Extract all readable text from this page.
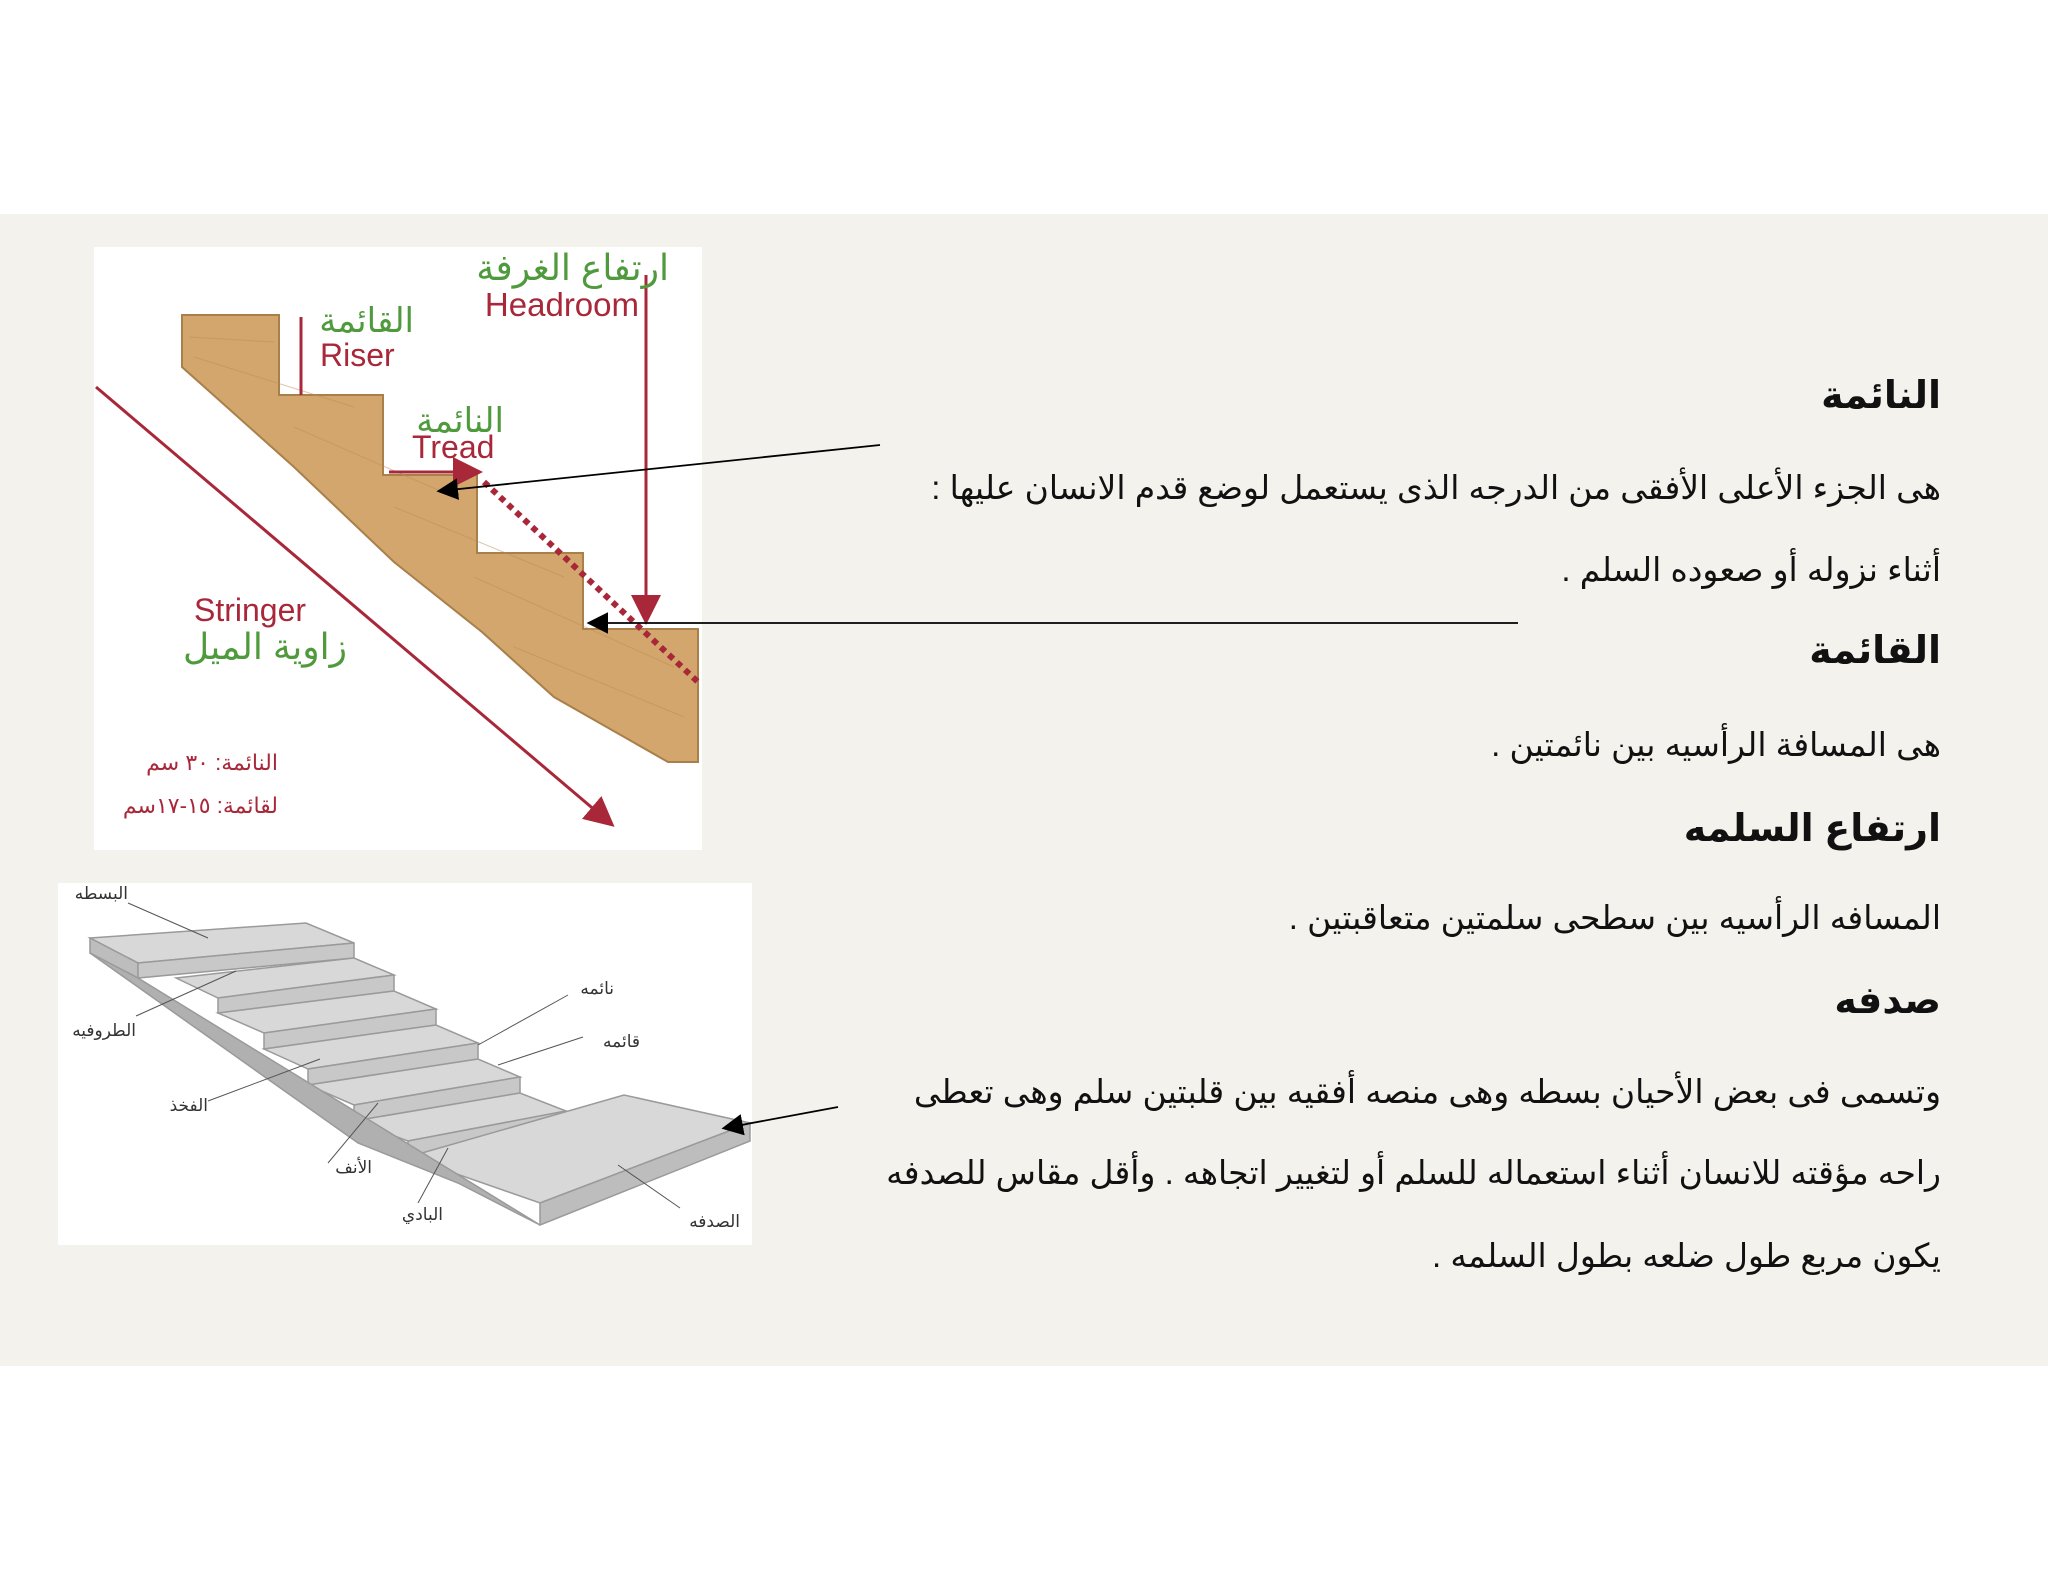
ارتفاع الغرفة
Headroom
القائمة
Riser
النائمة
Tread
Stringer
زاوية الميل
النائمة: ٣٠ سم
لقائمة: ١٥-١٧سم
البسطه
الطروفيه
الفخذ
الأنف
البادي
نائمه
قائمه
الصدفه
النائمة
هى الجزء الأعلى الأفقى من الدرجه الذى يستعمل لوضع قدم الانسان عليها :
أثناء نزوله أو صعوده السلم .
القائمة
هى المسافة الرأسيه بين نائمتين .
ارتفاع السلمه
المسافه الرأسيه بين سطحى سلمتين متعاقبتين .
صدفه
وتسمى فى بعض الأحيان بسطه وهى منصه أفقيه بين قلبتين سلم وهى تعطى
راحه مؤقته للانسان أثناء استعماله للسلم أو لتغيير اتجاهه . وأقل مقاس للصدفه
يكون مربع طول ضلعه بطول السلمه .
